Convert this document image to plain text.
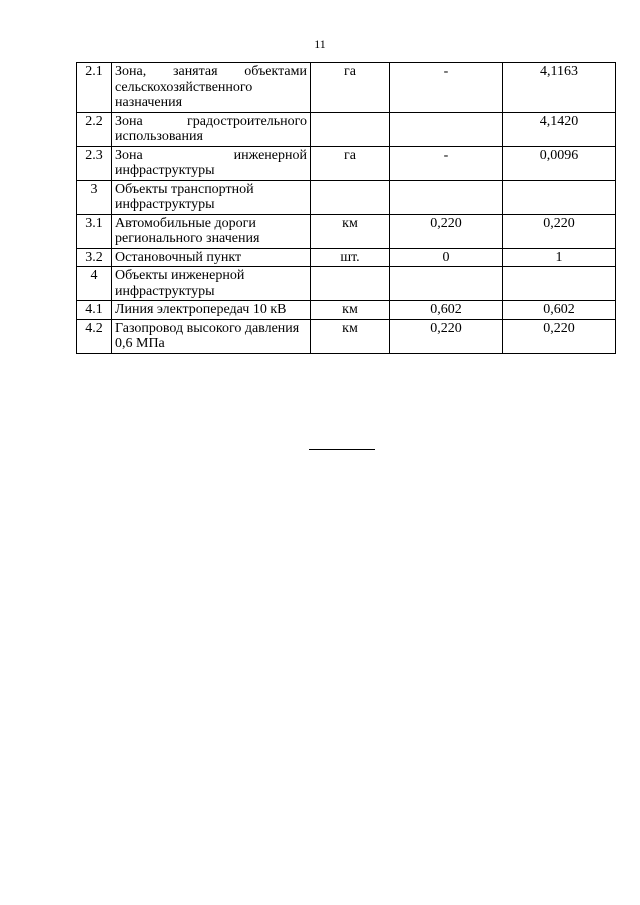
11
2.1	Зона, занятая объектами сельскохозяйственного назначения	га	-	4,1163
2.2	Зона градостроительного использования			4,1420
2.3	Зона инженерной инфраструктуры	га	-	0,0096
3	Объекты транспортной инфраструктуры			
3.1	Автомобильные дороги регионального значения	км	0,220	0,220
3.2	Остановочный пункт	шт.	0	1
4	Объекты инженерной инфраструктуры			
4.1	Линия электропередач 10 кВ	км	0,602	0,602
4.2	Газопровод высокого давления 0,6 МПа	км	0,220	0,220
